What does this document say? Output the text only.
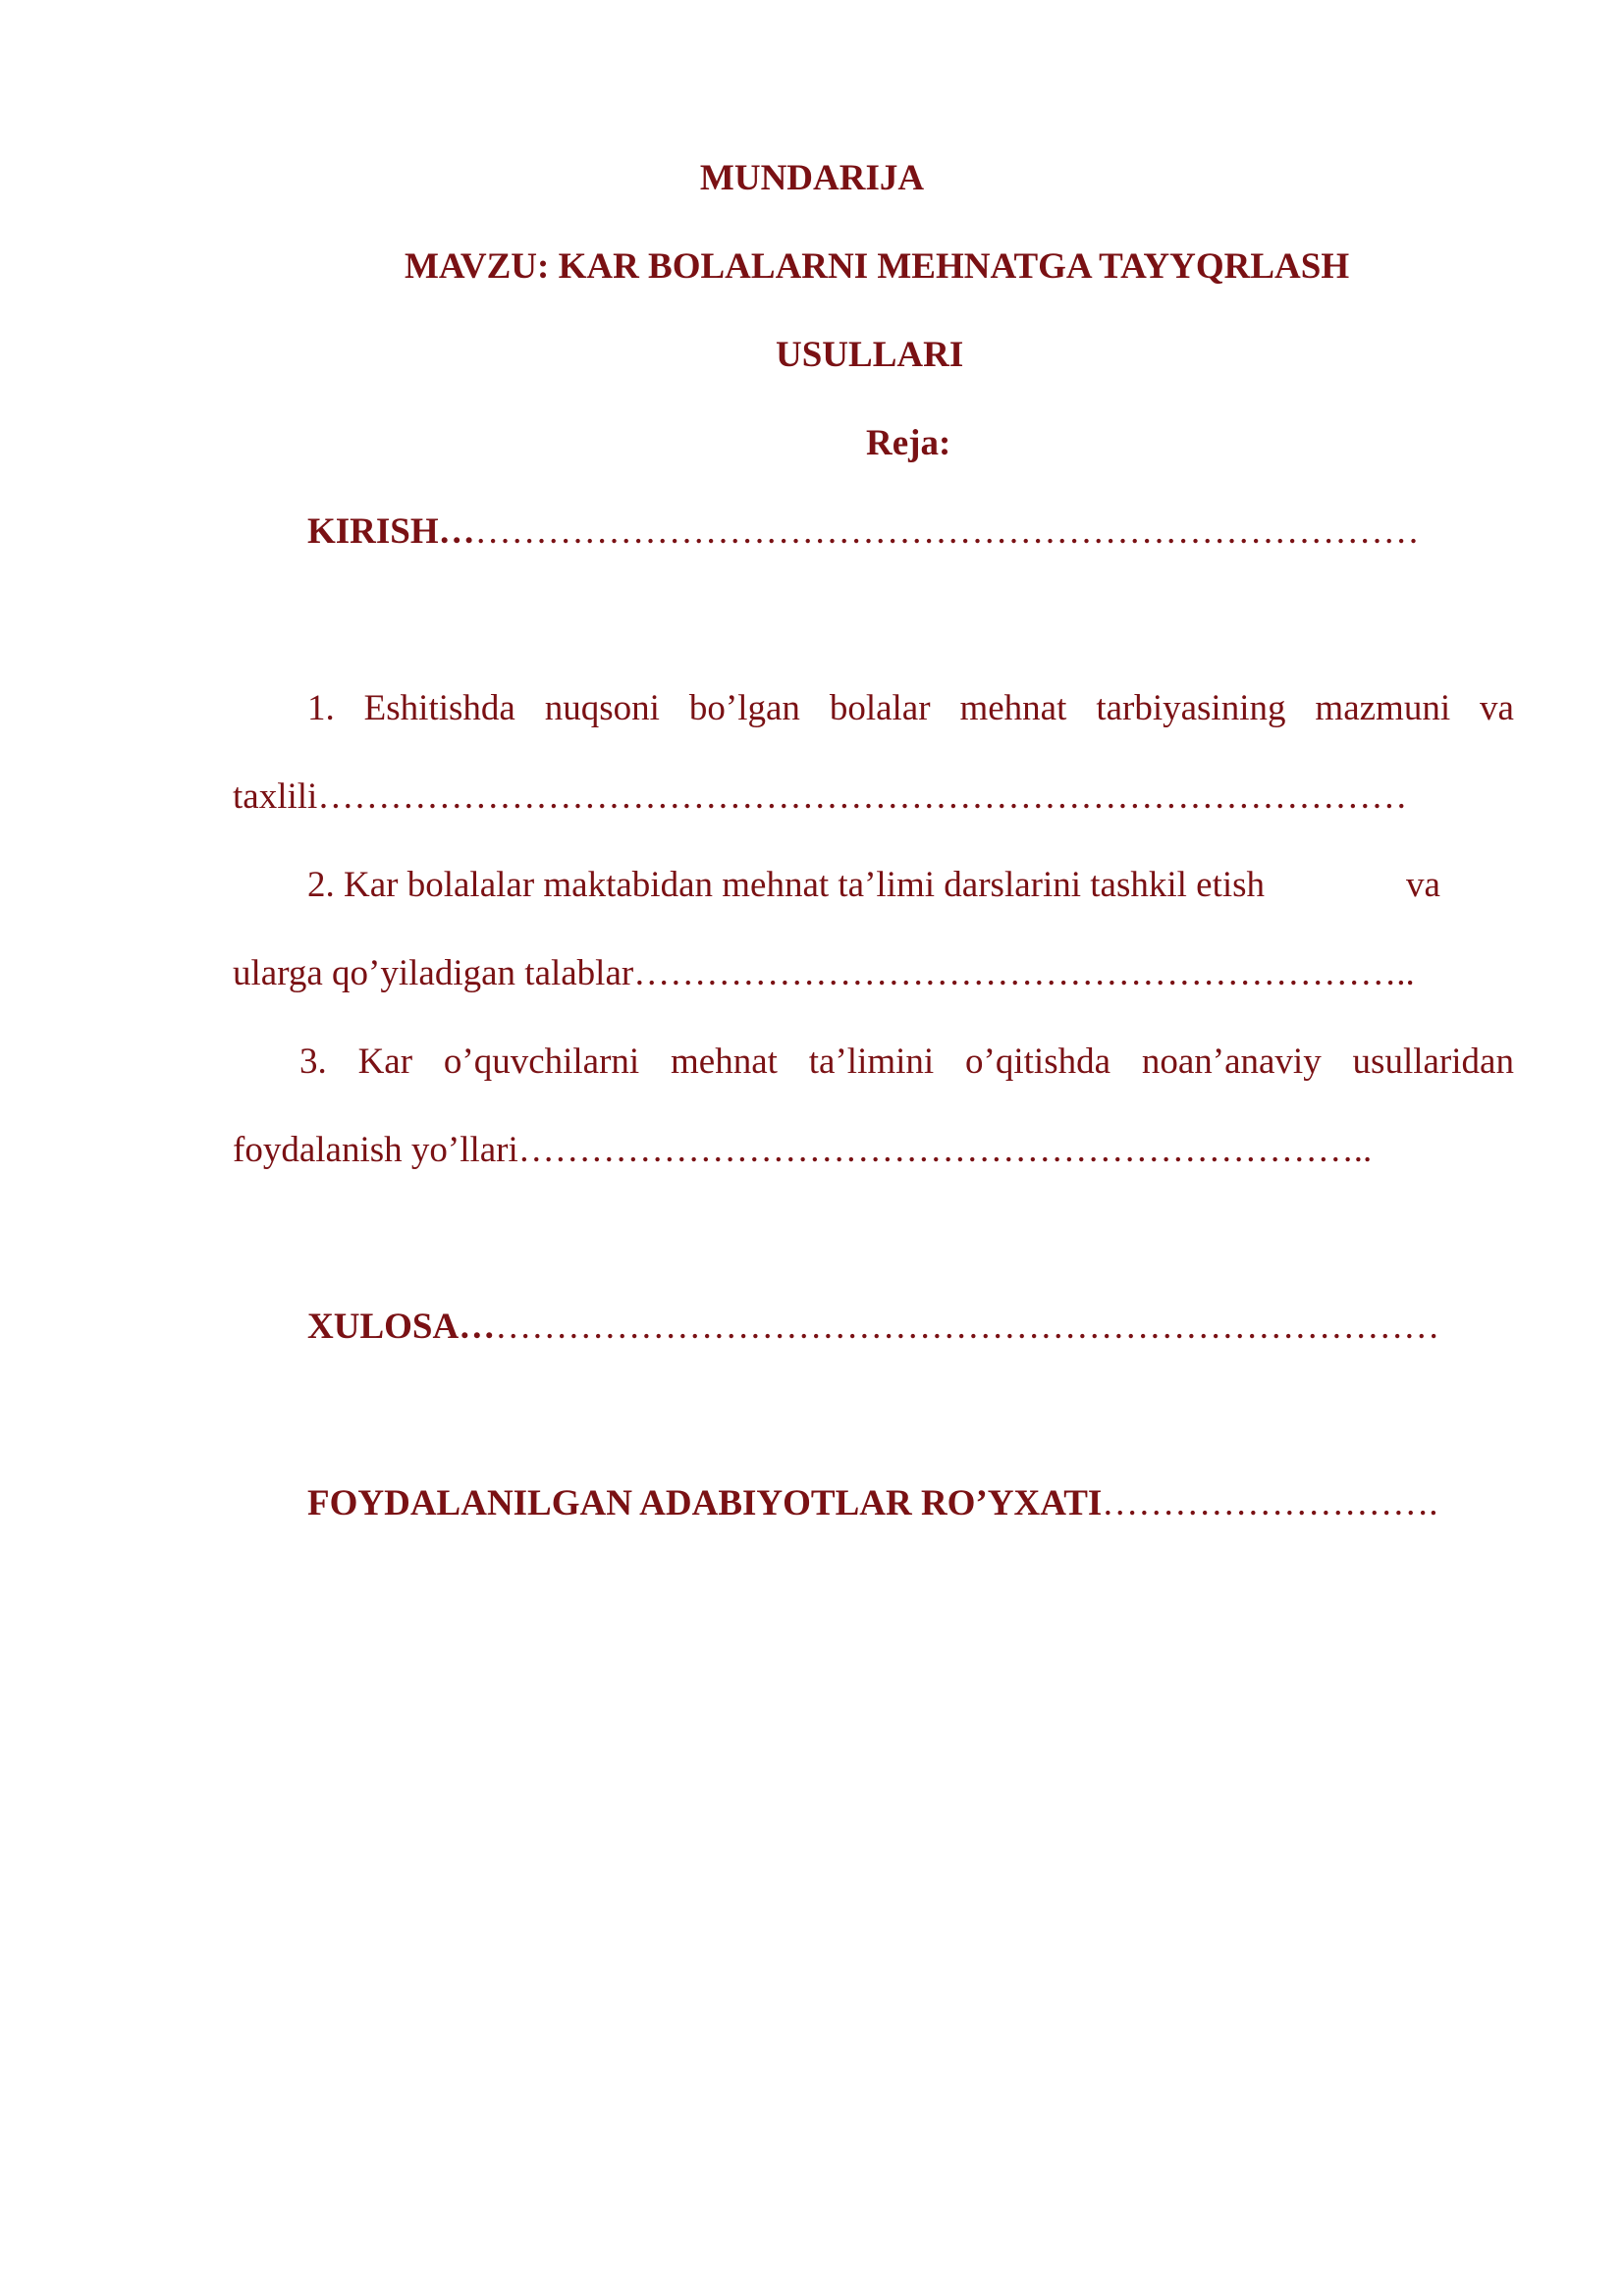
MUNDARIJA
MAVZU: KAR BOLALARNI MEHNATGA TAYYQRLASH
USULLARI
Reja:
KIRISH………………………………………………………………………
1. Eshitishda nuqsoni bo’lgan bolalar mehnat tarbiyasining mazmuni va
taxlili………………………………………………………………………………
2. Kar bolalalar maktabidan mehnat ta’limi darslarini tashkil etish	va
ularga qo’yiladigan talablar………………………………………………………..
3. Kar o’quvchilarni mehnat ta’limini o’qitishda noan’anaviy usullaridan
foydalanish yo’llari……………………………………………………………..
XULOSA………………………………………………………………………
FOYDALANILGAN ADABIYOTLAR RO’YXATI……………………….
